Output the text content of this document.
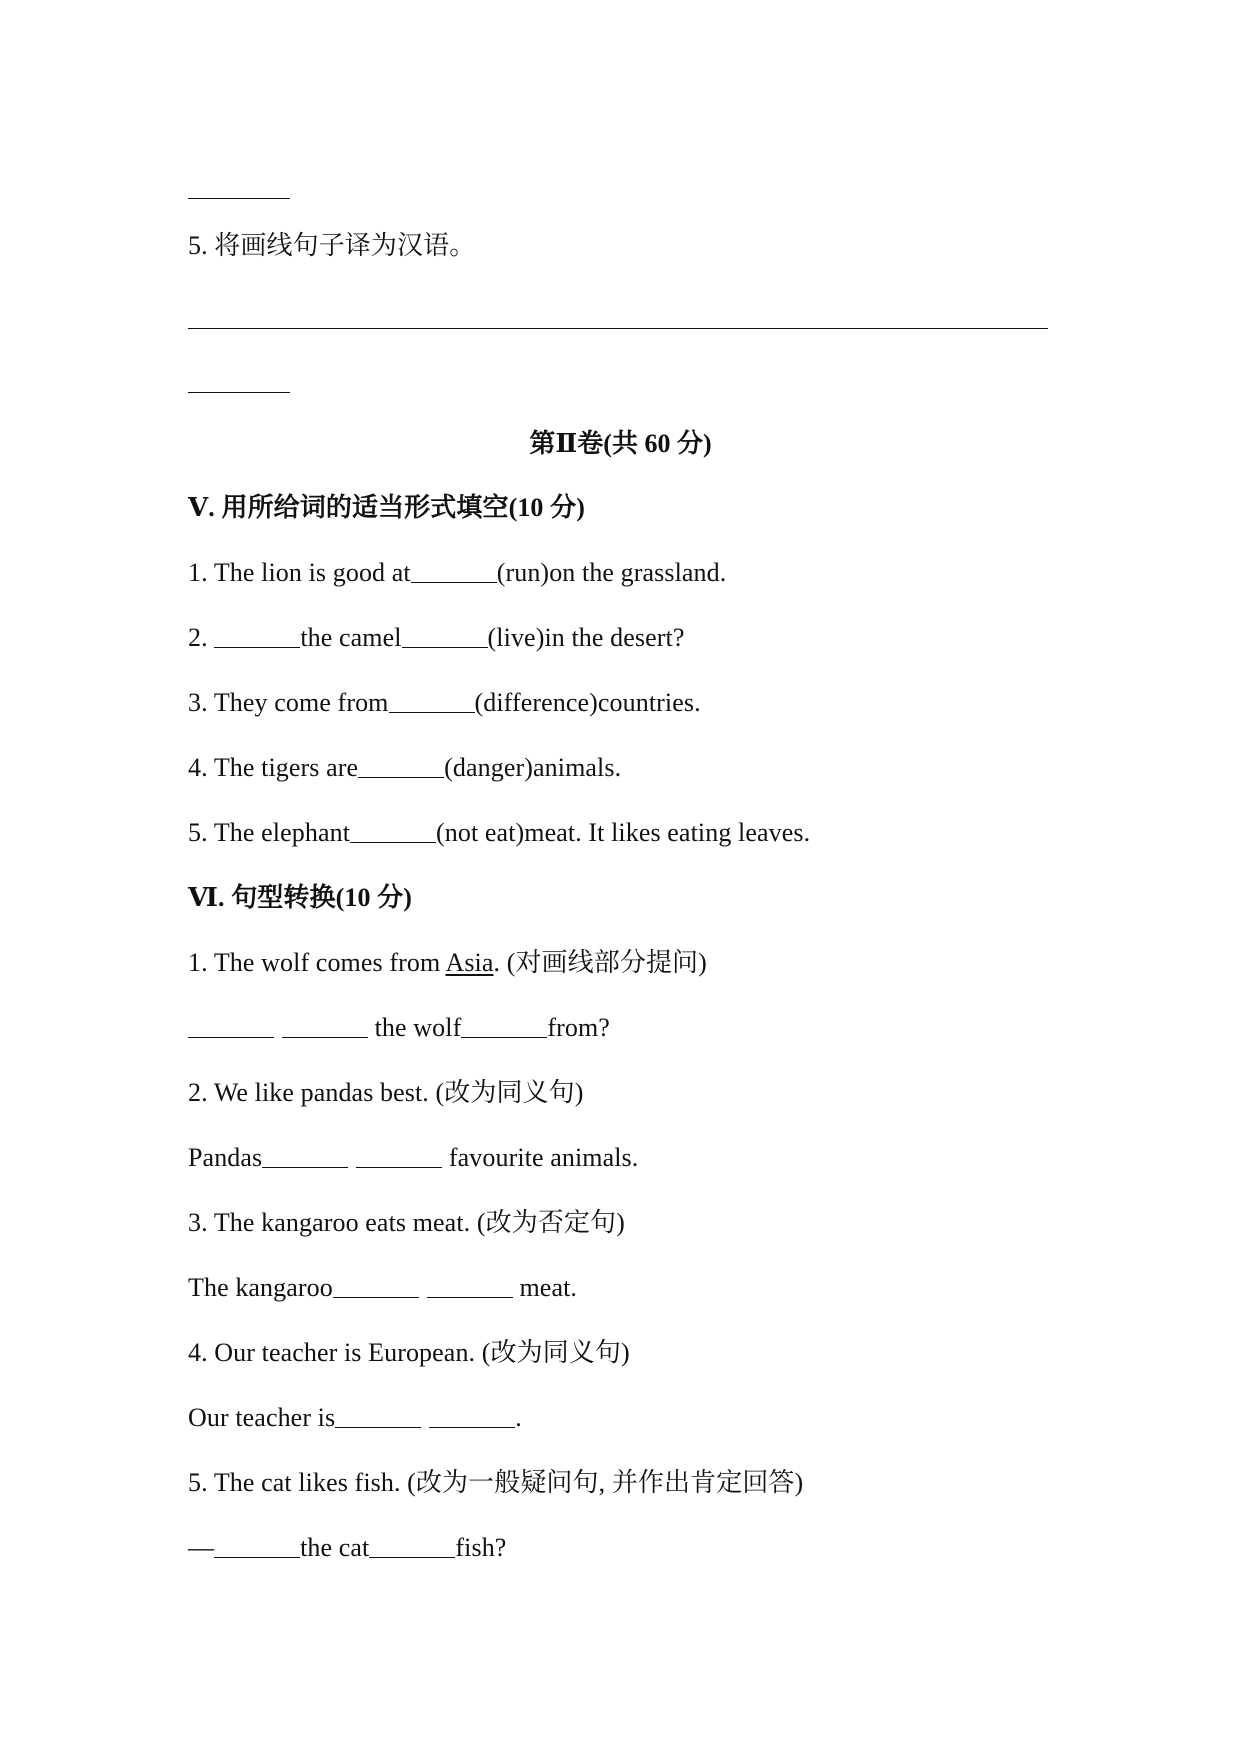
5. 将画线句子译为汉语。
第Ⅱ卷(共 60 分)
Ⅴ. 用所给词的适当形式填空(10 分)
1. The lion is good at	(run)on the grassland.
2.	the camel	(live)in the desert?
3. They come from	(difference)countries.
4. The tigers are	(danger)animals.
5. The elephant	(not eat)meat. It likes eating leaves.
Ⅵ. 句型转换(10 分)
1. The wolf comes from Asia. (对画线部分提问)
the wolf	from?
2. We like pandas best. (改为同义句)
Pandas	favourite animals.
3. The kangaroo eats meat. (改为否定句)
The kangaroo	meat.
4. Our teacher is European. (改为同义句)
Our teacher is	.
5. The cat likes fish. (改为一般疑问句, 并作出肯定回答)
—	the cat	fish?
